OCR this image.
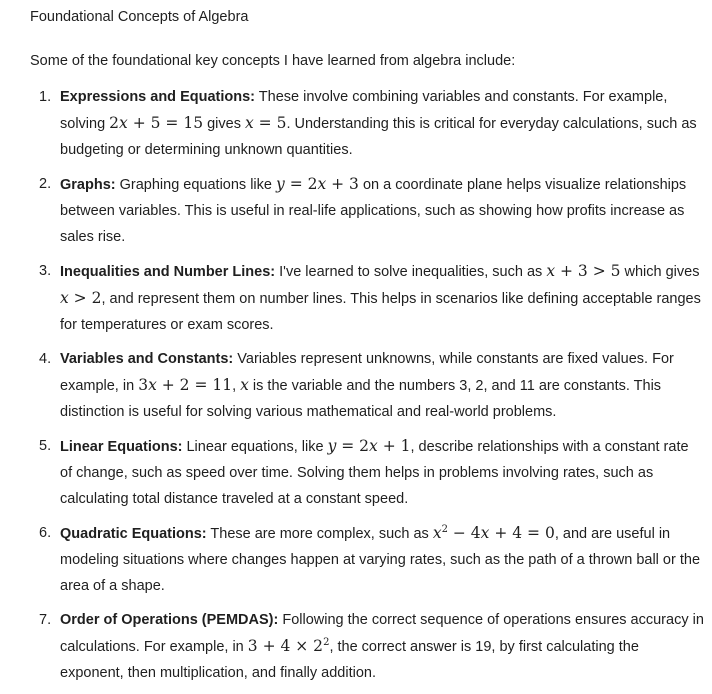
Foundational Concepts of Algebra
Some of the foundational key concepts I have learned from algebra include:
1. Expressions and Equations: These involve combining variables and constants. For example, solving 2x + 5 = 15 gives x = 5. Understanding this is critical for everyday calculations, such as budgeting or determining unknown quantities.
2. Graphs: Graphing equations like y = 2x + 3 on a coordinate plane helps visualize relationships between variables. This is useful in real-life applications, such as showing how profits increase as sales rise.
3. Inequalities and Number Lines: I've learned to solve inequalities, such as x + 3 > 5 which gives x > 2, and represent them on number lines. This helps in scenarios like defining acceptable ranges for temperatures or exam scores.
4. Variables and Constants: Variables represent unknowns, while constants are fixed values. For example, in 3x + 2 = 11, x is the variable and the numbers 3, 2, and 11 are constants. This distinction is useful for solving various mathematical and real-world problems.
5. Linear Equations: Linear equations, like y = 2x + 1, describe relationships with a constant rate of change, such as speed over time. Solving them helps in problems involving rates, such as calculating total distance traveled at a constant speed.
6. Quadratic Equations: These are more complex, such as $x^2 - 4x + 4 = 0$, and are useful in modeling situations where changes happen at varying rates, such as the path of a thrown ball or the area of a shape.
7. Order of Operations (PEMDAS): Following the correct sequence of operations ensures accuracy in calculations. For example, in $3 + 4 \times 2^2$, the correct answer is 19, by first calculating the exponent, then multiplication, and finally addition.
